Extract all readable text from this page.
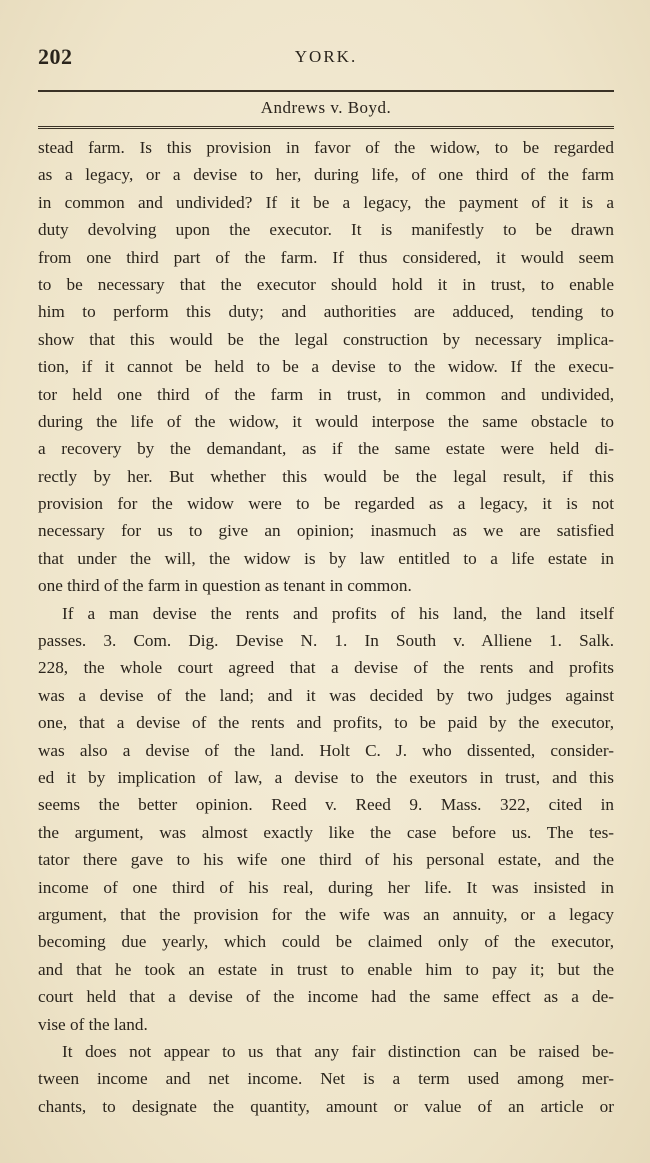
202	YORK.
Andrews v. Boyd.
stead farm. Is this provision in favor of the widow, to be regarded
as a legacy, or a devise to her, during life, of one third of the farm
in common and undivided? If it be a legacy, the payment of it is a
duty devolving upon the executor. It is manifestly to be drawn
from one third part of the farm. If thus considered, it would seem
to be necessary that the executor should hold it in trust, to enable
him to perform this duty; and authorities are adduced, tending to
show that this would be the legal construction by necessary implica-
tion, if it cannot be held to be a devise to the widow. If the execu-
tor held one third of the farm in trust, in common and undivided,
during the life of the widow, it would interpose the same obstacle to
a recovery by the demandant, as if the same estate were held di-
rectly by her. But whether this would be the legal result, if this
provision for the widow were to be regarded as a legacy, it is not
necessary for us to give an opinion; inasmuch as we are satisfied
that under the will, the widow is by law entitled to a life estate in
one third of the farm in question as tenant in common.
If a man devise the rents and profits of his land, the land itself
passes. 3. Com. Dig. Devise N. 1. In South v. Alliene 1. Salk.
228, the whole court agreed that a devise of the rents and profits
was a devise of the land; and it was decided by two judges against
one, that a devise of the rents and profits, to be paid by the executor,
was also a devise of the land. Holt C. J. who dissented, consider-
ed it by implication of law, a devise to the exeutors in trust, and this
seems the better opinion. Reed v. Reed 9. Mass. 322, cited in
the argument, was almost exactly like the case before us. The tes-
tator there gave to his wife one third of his personal estate, and the
income of one third of his real, during her life. It was insisted in
argument, that the provision for the wife was an annuity, or a legacy
becoming due yearly, which could be claimed only of the executor,
and that he took an estate in trust to enable him to pay it; but the
court held that a devise of the income had the same effect as a de-
vise of the land.
It does not appear to us that any fair distinction can be raised be-
tween income and net income. Net is a term used among mer-
chants, to designate the quantity, amount or value of an article or
